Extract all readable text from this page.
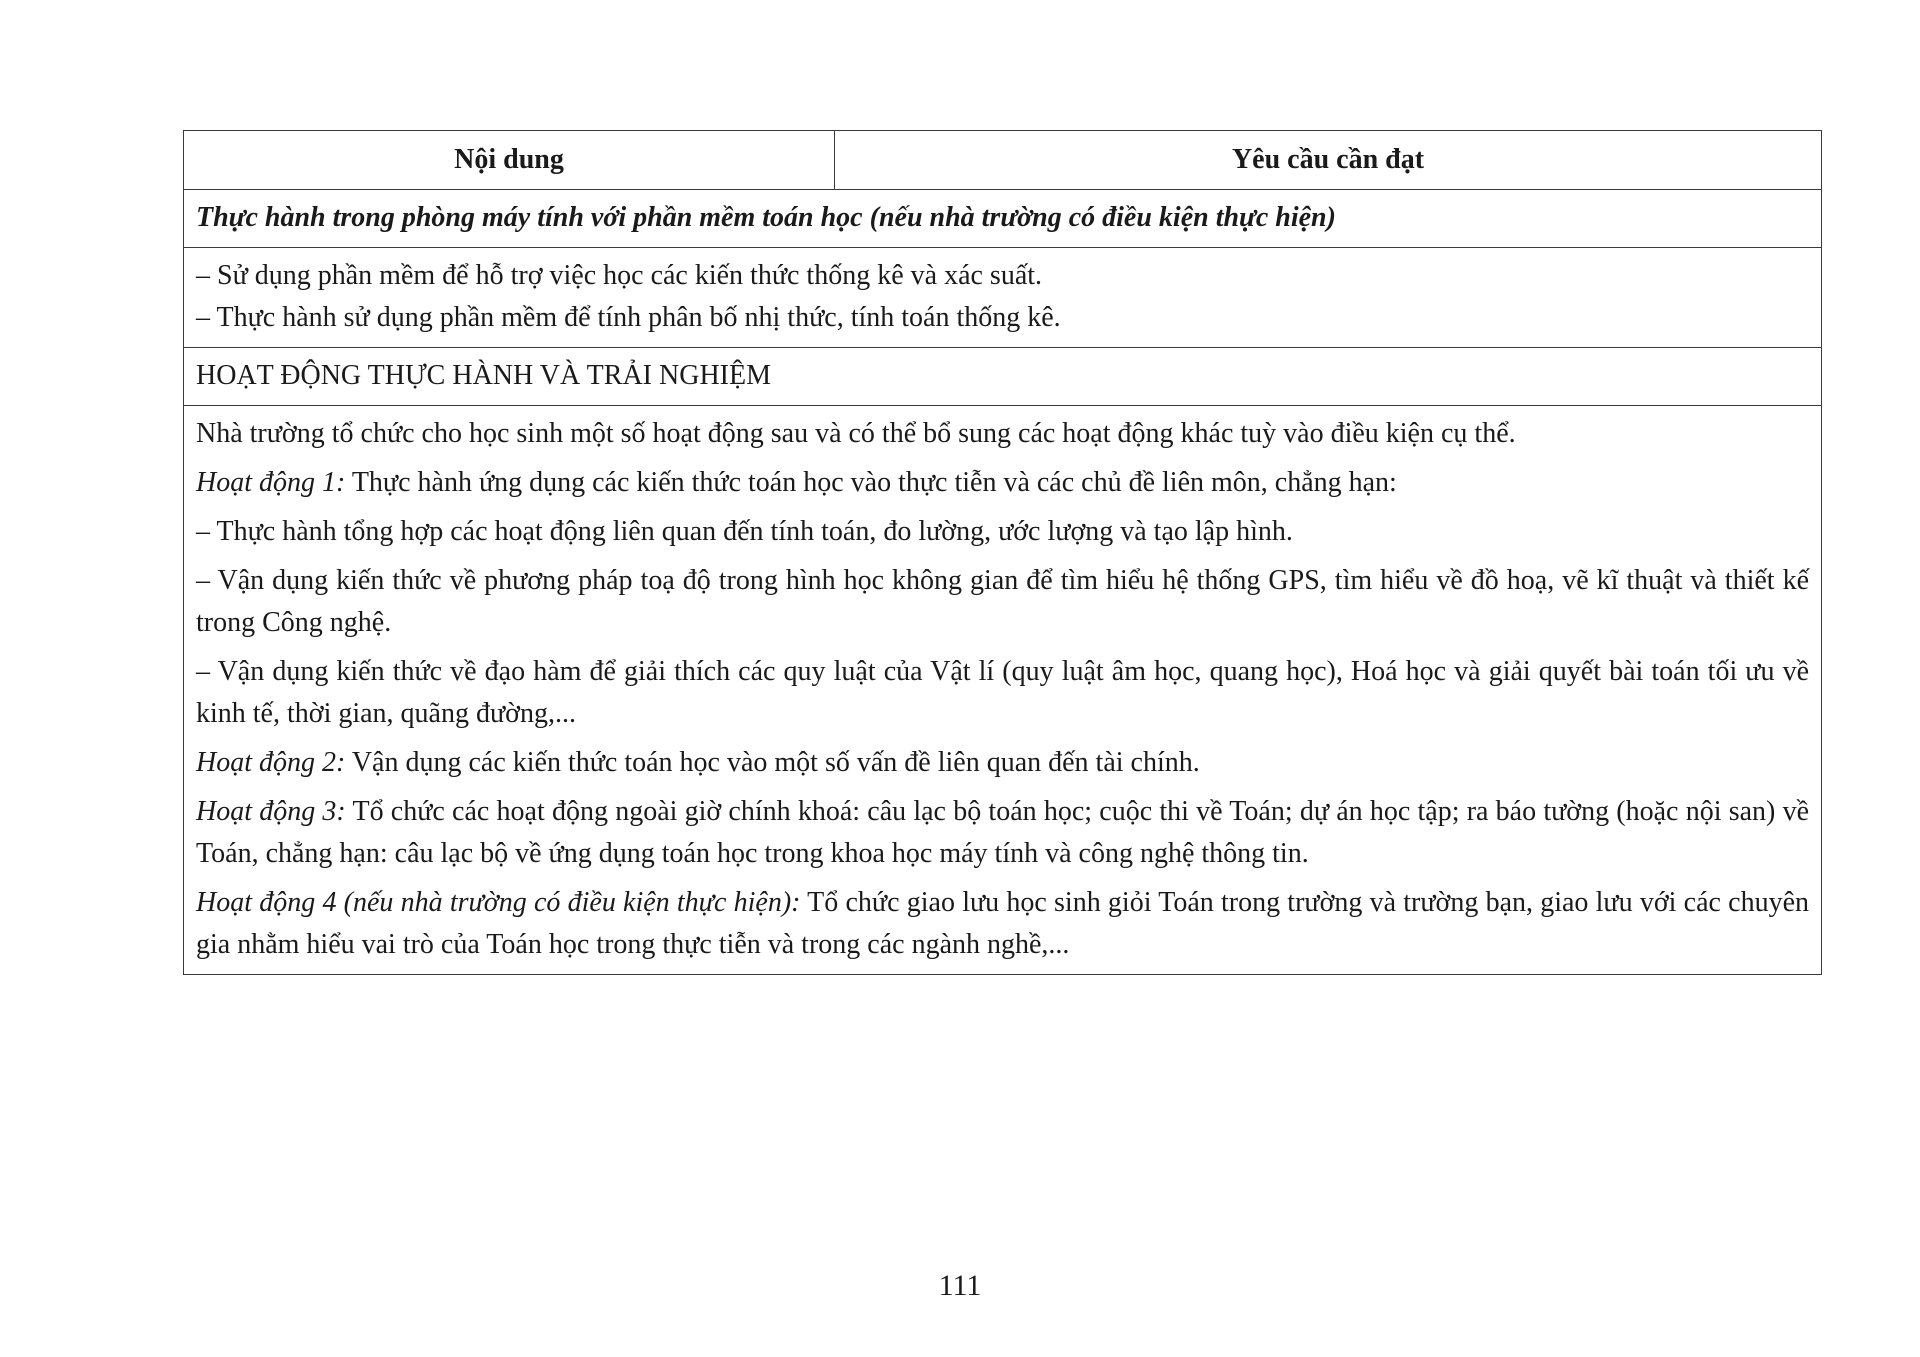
Nội dung	Yêu cầu cần đạt
Thực hành trong phòng máy tính với phần mềm toán học (nếu nhà trường có điều kiện thực hiện)

– Sử dụng phần mềm để hỗ trợ việc học các kiến thức thống kê và xác suất.

– Thực hành sử dụng phần mềm để tính phân bố nhị thức, tính toán thống kê.

HOẠT ĐỘNG THỰC HÀNH VÀ TRẢI NGHIỆM

Nhà trường tổ chức cho học sinh một số hoạt động sau và có thể bổ sung các hoạt động khác tuỳ vào điều kiện cụ thể.

Hoạt động 1: Thực hành ứng dụng các kiến thức toán học vào thực tiễn và các chủ đề liên môn, chẳng hạn:

– Thực hành tổng hợp các hoạt động liên quan đến tính toán, đo lường, ước lượng và tạo lập hình.

– Vận dụng kiến thức về phương pháp toạ độ trong hình học không gian để tìm hiểu hệ thống GPS, tìm hiểu về đồ hoạ, vẽ kĩ thuật và thiết kế trong Công nghệ.

– Vận dụng kiến thức về đạo hàm để giải thích các quy luật của Vật lí (quy luật âm học, quang học), Hoá học và giải quyết bài toán tối ưu về kinh tế, thời gian, quãng đường,...

Hoạt động 2: Vận dụng các kiến thức toán học vào một số vấn đề liên quan đến tài chính.

Hoạt động 3: Tổ chức các hoạt động ngoài giờ chính khoá: câu lạc bộ toán học; cuộc thi về Toán; dự án học tập; ra báo tường (hoặc nội san) về Toán, chẳng hạn: câu lạc bộ về ứng dụng toán học trong khoa học máy tính và công nghệ thông tin.

Hoạt động 4 (nếu nhà trường có điều kiện thực hiện): Tổ chức giao lưu học sinh giỏi Toán trong trường và trường bạn, giao lưu với các chuyên gia nhằm hiểu vai trò của Toán học trong thực tiễn và trong các ngành nghề,...

111
